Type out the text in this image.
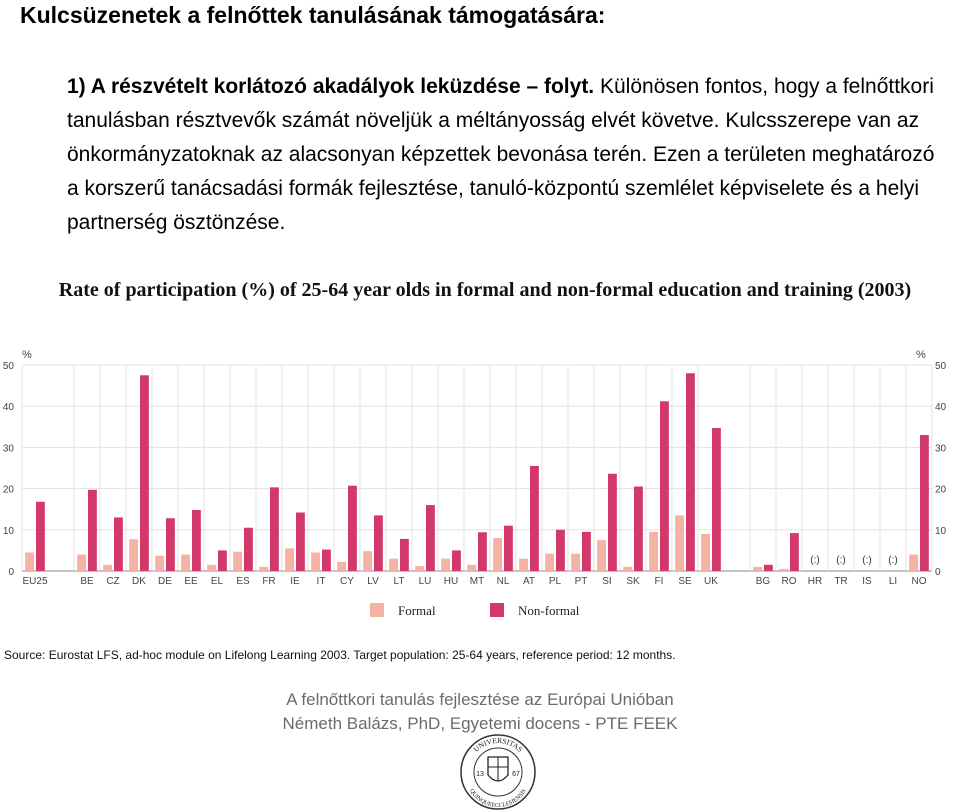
Kulcsüzenetek a felnőttek tanulásának támogatására:
1) A részvételt korlátozó akadályok leküzdése – folyt. Különösen fontos, hogy a felnőttkori tanulásban résztvevők számát növeljük a méltányosság elvét követve. Kulcsszerepe van az önkormányzatoknak az alacsonyan képzettek bevonása terén. Ezen a területen meghatározó a korszerű tanácsadási formák fejlesztése, tanuló-központú szemlélet képviselete és a helyi partnerség ösztönzése.
Rate of participation (%) of 25-64 year olds in formal and non-formal education and training (2003)
0	0
10	10
20	20
30	30
40	40
50	50
%	%
EU25	BE CZ DK DE EE EL ES FR IE IT CY LV LT LU HU MT NL AT PL PT SI SK FI SE UK	BG RO
(:)
HR
(:)
TR
(:)
IS
(:)
LI NO
Formal	Non-formal
Source: Eurostat LFS, ad-hoc module on Lifelong Learning 2003. Target population: 25-64 years, reference period: 12 months.
A felnőttkori tanulás fejlesztése az Európai Unióban
Németh Balázs, PhD, Egyetemi docens - PTE FEEK
UNIVERSITAS
QUINQUEECCLESIENSIS
13	67
